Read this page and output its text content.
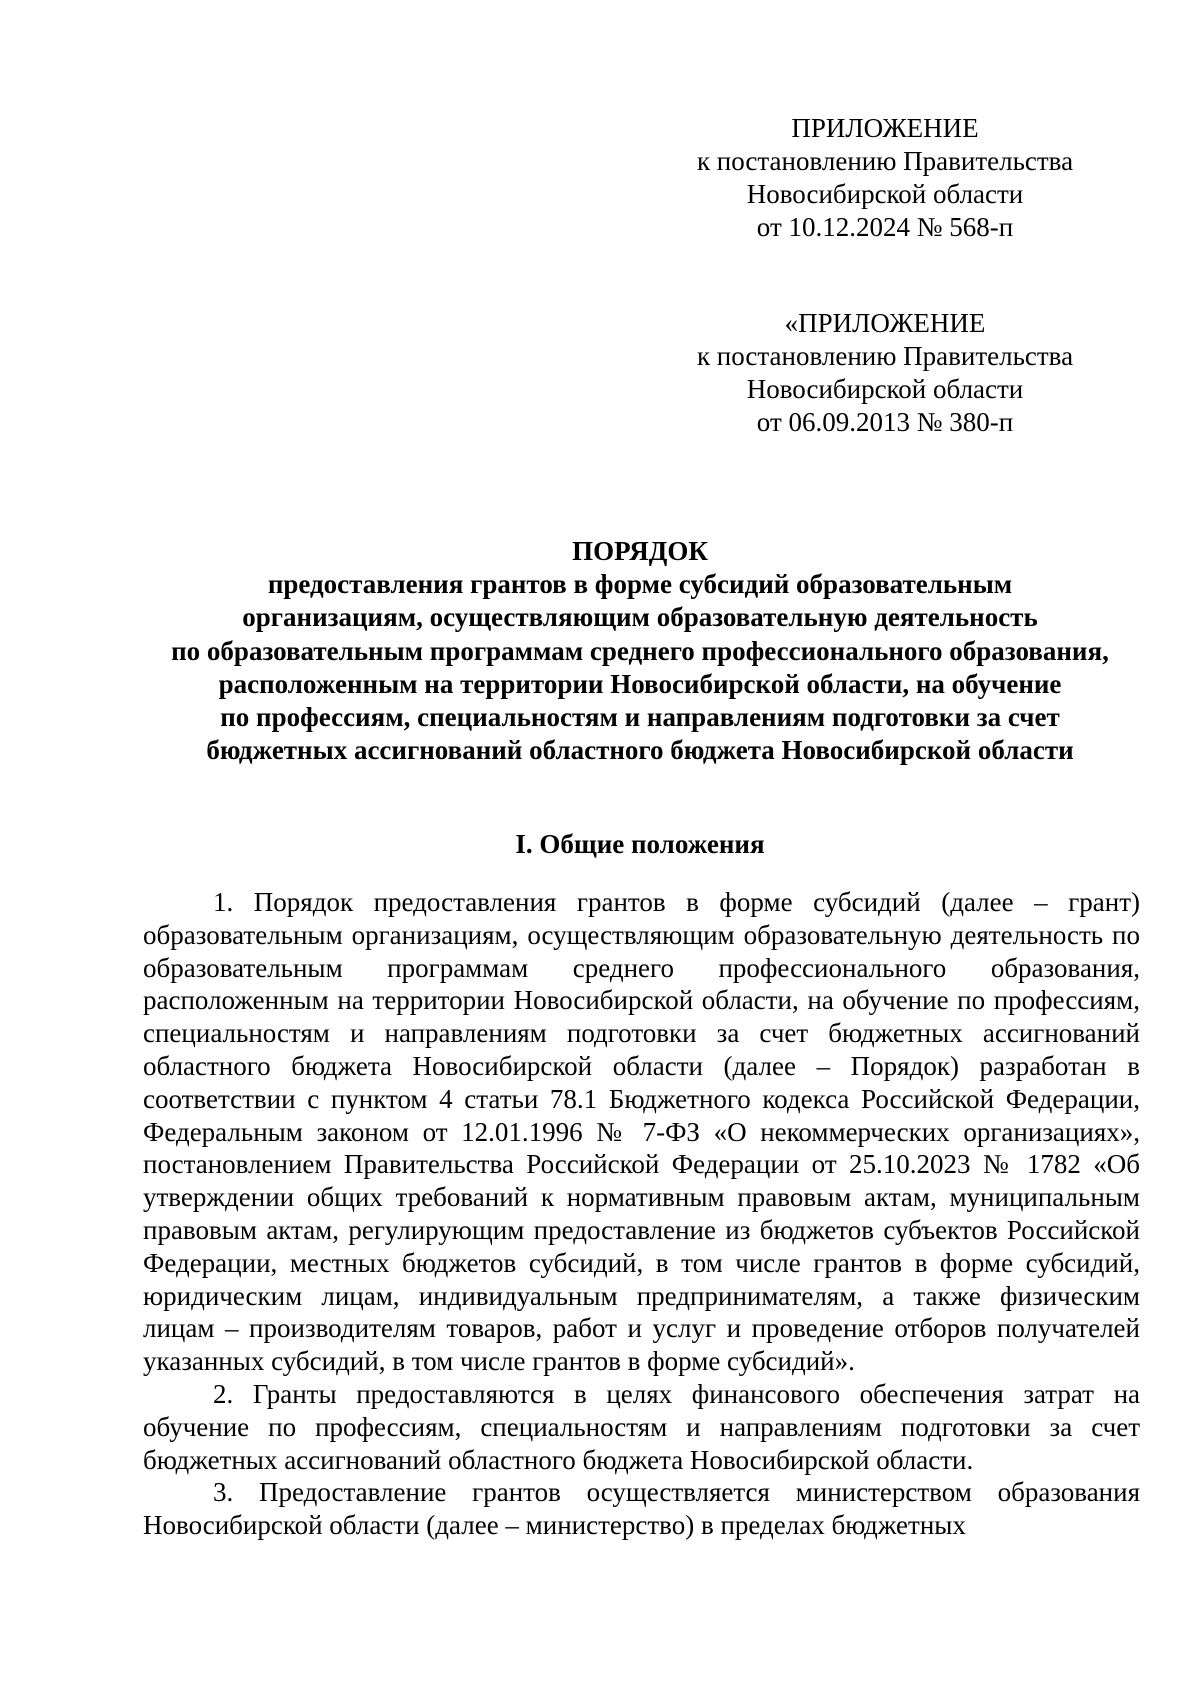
ПРИЛОЖЕНИЕ
к постановлению Правительства
Новосибирской области
от 10.12.2024 № 568-п
«ПРИЛОЖЕНИЕ
к постановлению Правительства
Новосибирской области
от 06.09.2013 № 380-п
ПОРЯДОК
предоставления грантов в форме субсидий образовательным
организациям, осуществляющим образовательную деятельность
по образовательным программам среднего профессионального образования,
расположенным на территории Новосибирской области, на обучение
по профессиям, специальностям и направлениям подготовки за счет
бюджетных ассигнований областного бюджета Новосибирской области
I. Общие положения

1. Порядок предоставления грантов в форме субсидий (далее – грант) образовательным организациям, осуществляющим образовательную деятельность по образовательным программам среднего профессионального образования, расположенным на территории Новосибирской области, на обучение по профессиям, специальностям и направлениям подготовки за счет бюджетных ассигнований областного бюджета Новосибирской области (далее – Порядок) разработан в соответствии с пунктом 4 статьи 78.1 Бюджетного кодекса Российской Федерации, Федеральным законом от 12.01.1996 № 7-ФЗ «О некоммерческих организациях», постановлением Правительства Российской Федерации от 25.10.2023 № 1782 «Об утверждении общих требований к нормативным правовым актам, муниципальным правовым актам, регулирующим предоставление из бюджетов субъектов Российской Федерации, местных бюджетов субсидий, в том числе грантов в форме субсидий, юридическим лицам, индивидуальным предпринимателям, а также физическим лицам – производителям товаров, работ и услуг и проведение отборов получателей указанных субсидий, в том числе грантов в форме субсидий».

2. Гранты предоставляются в целях финансового обеспечения затрат на обучение по профессиям, специальностям и направлениям подготовки за счет бюджетных ассигнований областного бюджета Новосибирской области.

3. Предоставление грантов осуществляется министерством образования Новосибирской области (далее – министерство) в пределах бюджетных
